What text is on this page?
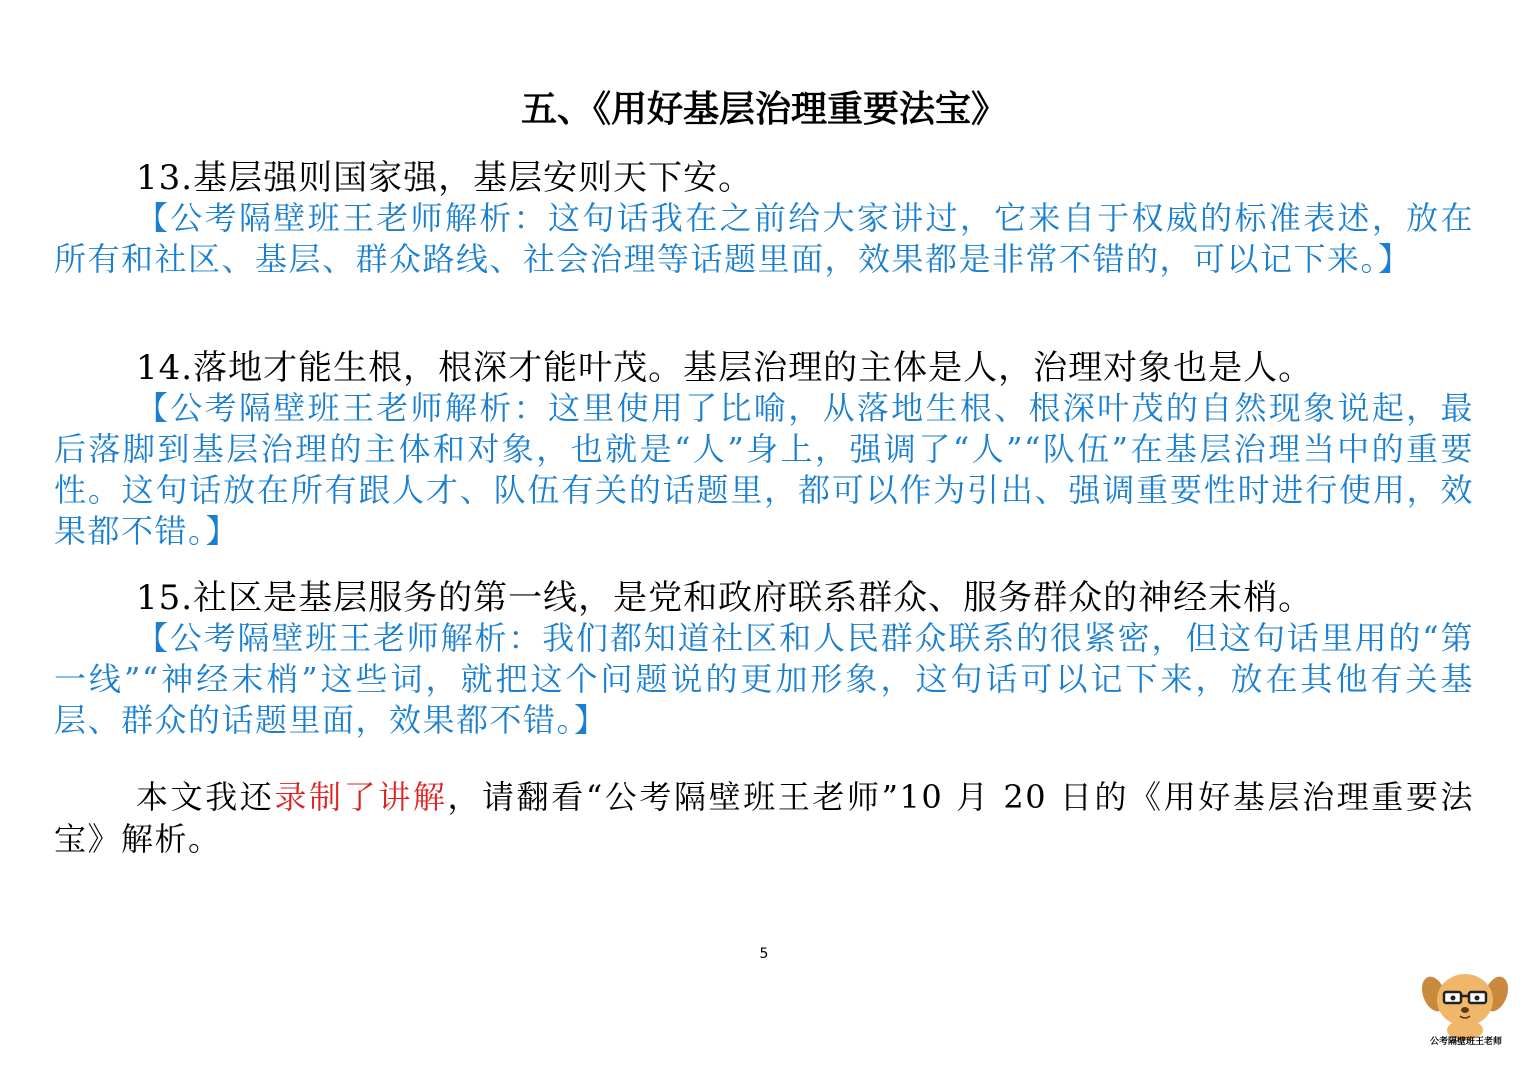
五、《用好基层治理重要法宝》

13.基层强则国家强，基层安则天下安。

【公考隔壁班王老师解析：这句话我在之前给大家讲过，它来自于权威的标准表述，放在所有和社区、基层、群众路线、社会治理等话题里面，效果都是非常不错的，可以记下来。】

14.落地才能生根，根深才能叶茂。基层治理的主体是人，治理对象也是人。

【公考隔壁班王老师解析：这里使用了比喻，从落地生根、根深叶茂的自然现象说起，最后落脚到基层治理的主体和对象，也就是“人”身上，强调了“人”“队伍”在基层治理当中的重要性。这句话放在所有跟人才、队伍有关的话题里，都可以作为引出、强调重要性时进行使用，效果都不错。】

15.社区是基层服务的第一线，是党和政府联系群众、服务群众的神经末梢。

【公考隔壁班王老师解析：我们都知道社区和人民群众联系的很紧密，但这句话里用的“第一线”“神经末梢”这些词，就把这个问题说的更加形象，这句话可以记下来，放在其他有关基层、群众的话题里面，效果都不错。】

本文我还录制了讲解，请翻看“公考隔壁班王老师”10 月 20 日的《用好基层治理重要法宝》解析。

5
公考隔壁班王老师
